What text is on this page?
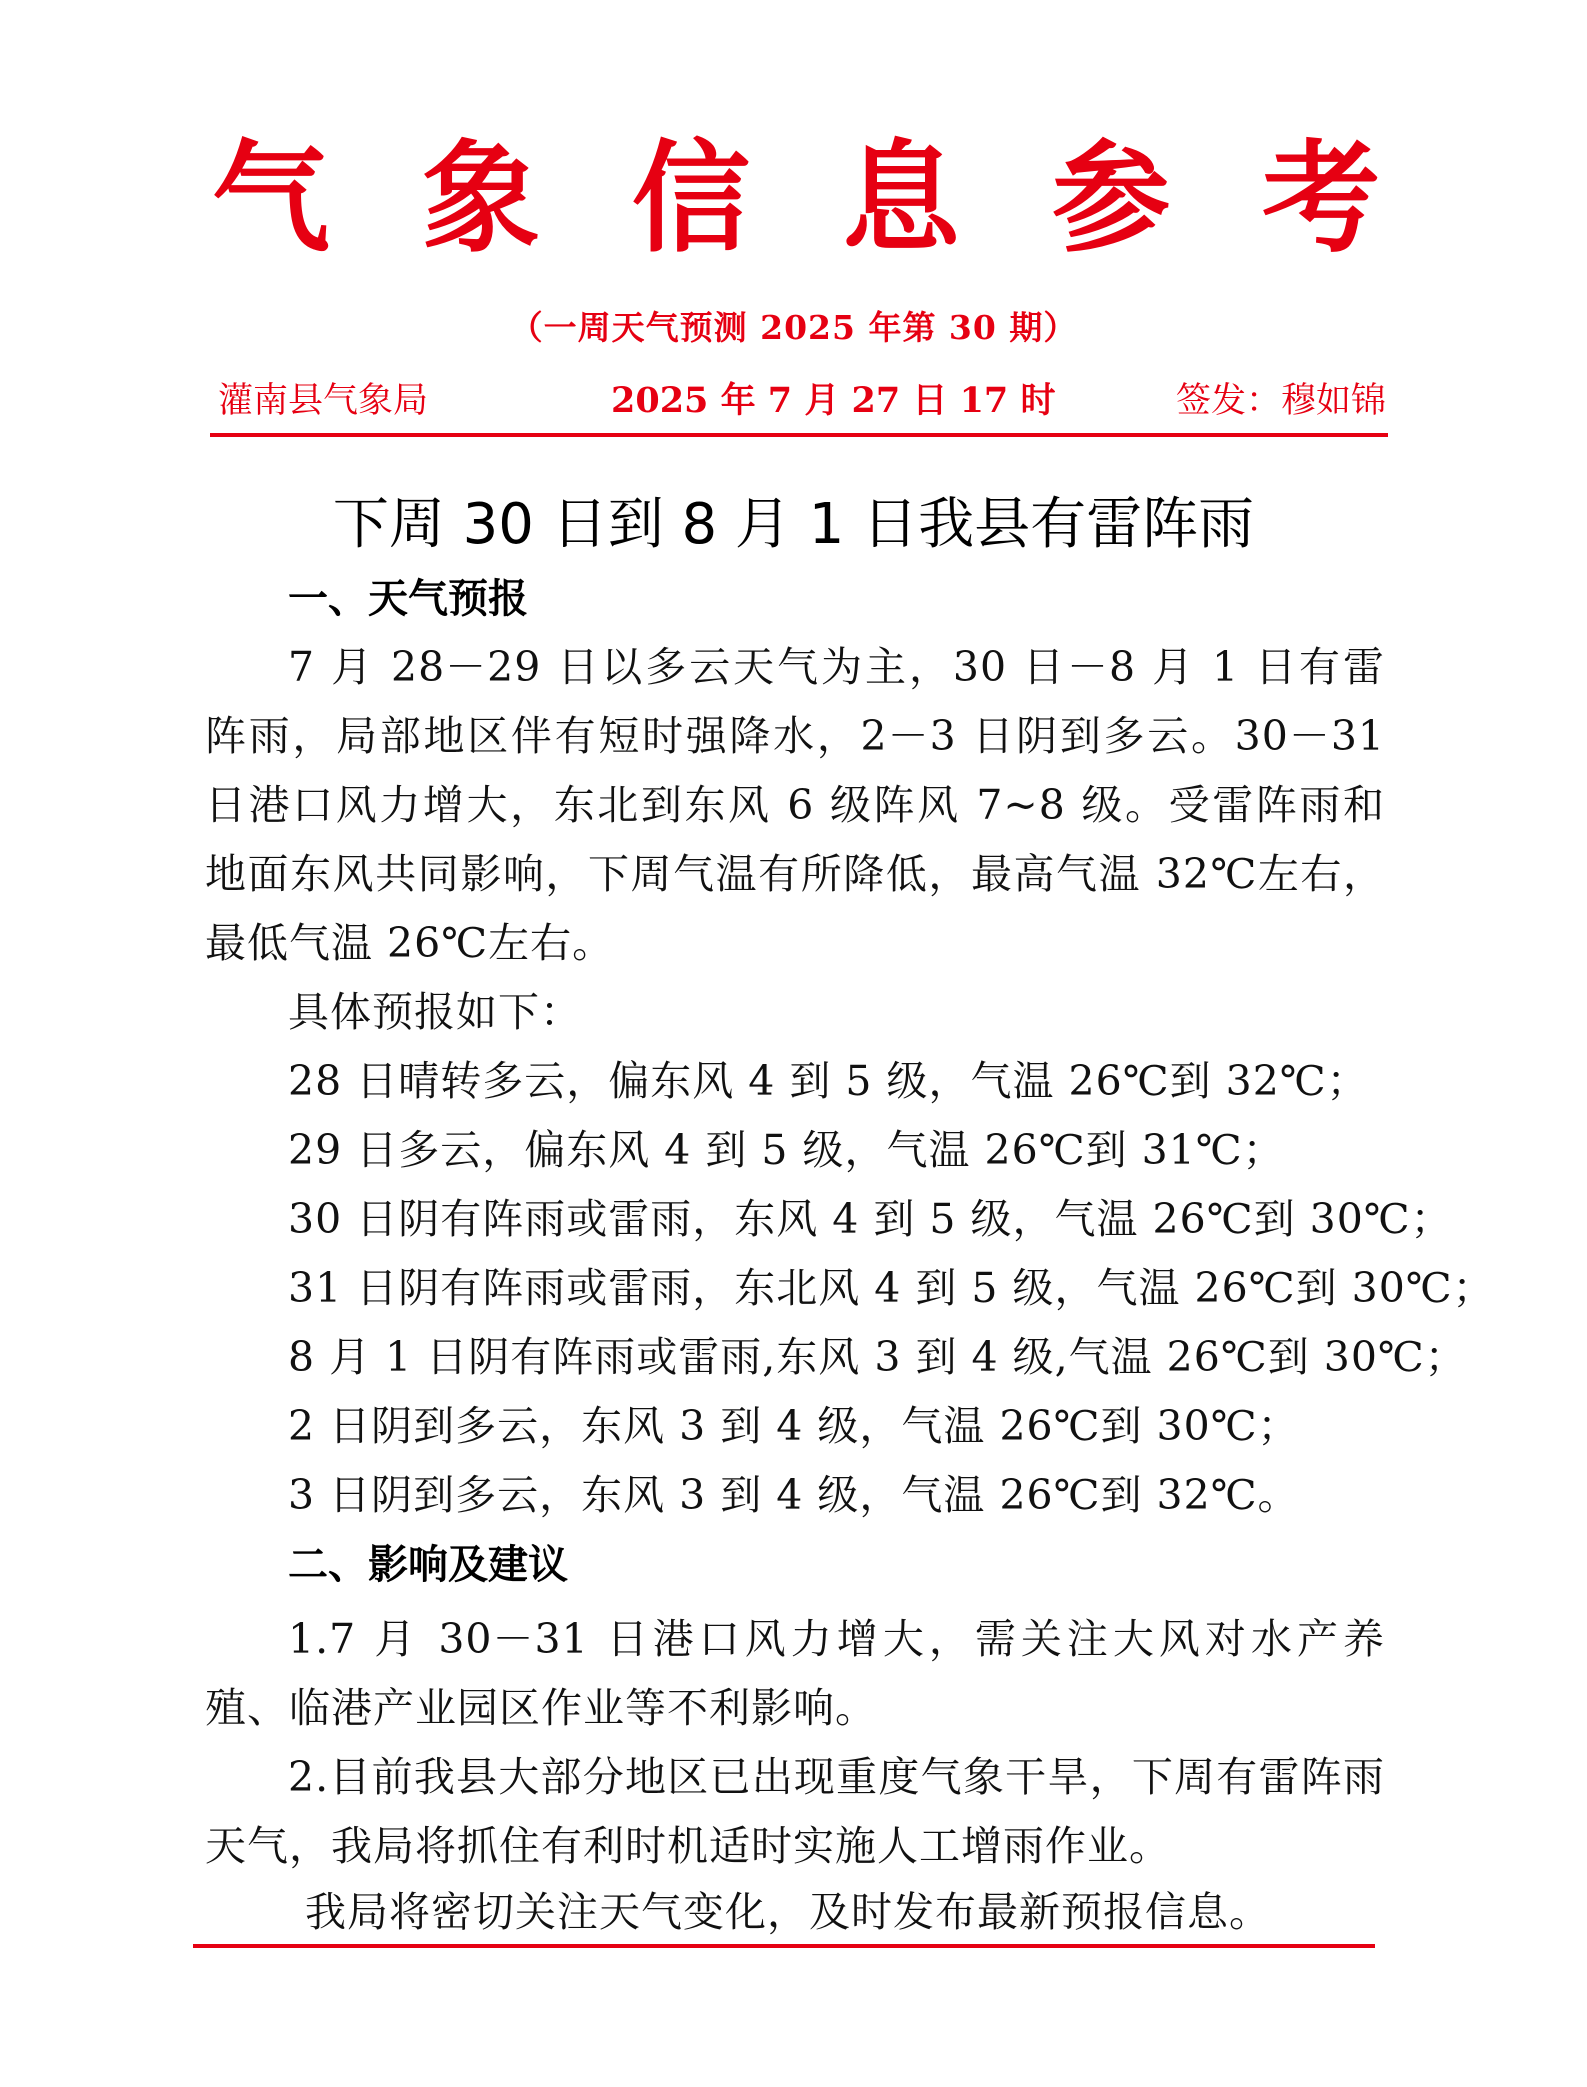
气 象 信 息 参 考
（一周天气预测 2025 年第 30 期）
灌南县气象局	2025 年 7 月 27 日 17 时	签发：穆如锦
下周 30 日到 8 月 1 日我县有雷阵雨
一、天气预报
7 月 28－29 日以多云天气为主，30 日－8 月 1 日有雷阵雨，局部地区伴有短时强降水，2－3 日阴到多云。30－31 日港口风力增大，东北到东风 6 级阵风 7~8 级。受雷阵雨和地面东风共同影响，下周气温有所降低，最高气温 32℃左右，最低气温 26℃左右。
具体预报如下：
28 日晴转多云，偏东风 4 到 5 级，气温 26℃到 32℃；
29 日多云，偏东风 4 到 5 级，气温 26℃到 31℃；
30 日阴有阵雨或雷雨，东风 4 到 5 级，气温 26℃到 30℃；
31 日阴有阵雨或雷雨，东北风 4 到 5 级，气温 26℃到 30℃；
8 月 1 日阴有阵雨或雷雨,东风 3 到 4 级,气温 26℃到 30℃；
2 日阴到多云，东风 3 到 4 级，气温 26℃到 30℃；
3 日阴到多云，东风 3 到 4 级，气温 26℃到 32℃。
二、影响及建议
1.7 月 30－31 日港口风力增大，需关注大风对水产养殖、临港产业园区作业等不利影响。
2.目前我县大部分地区已出现重度气象干旱，下周有雷阵雨天气，我局将抓住有利时机适时实施人工增雨作业。
我局将密切关注天气变化，及时发布最新预报信息。
